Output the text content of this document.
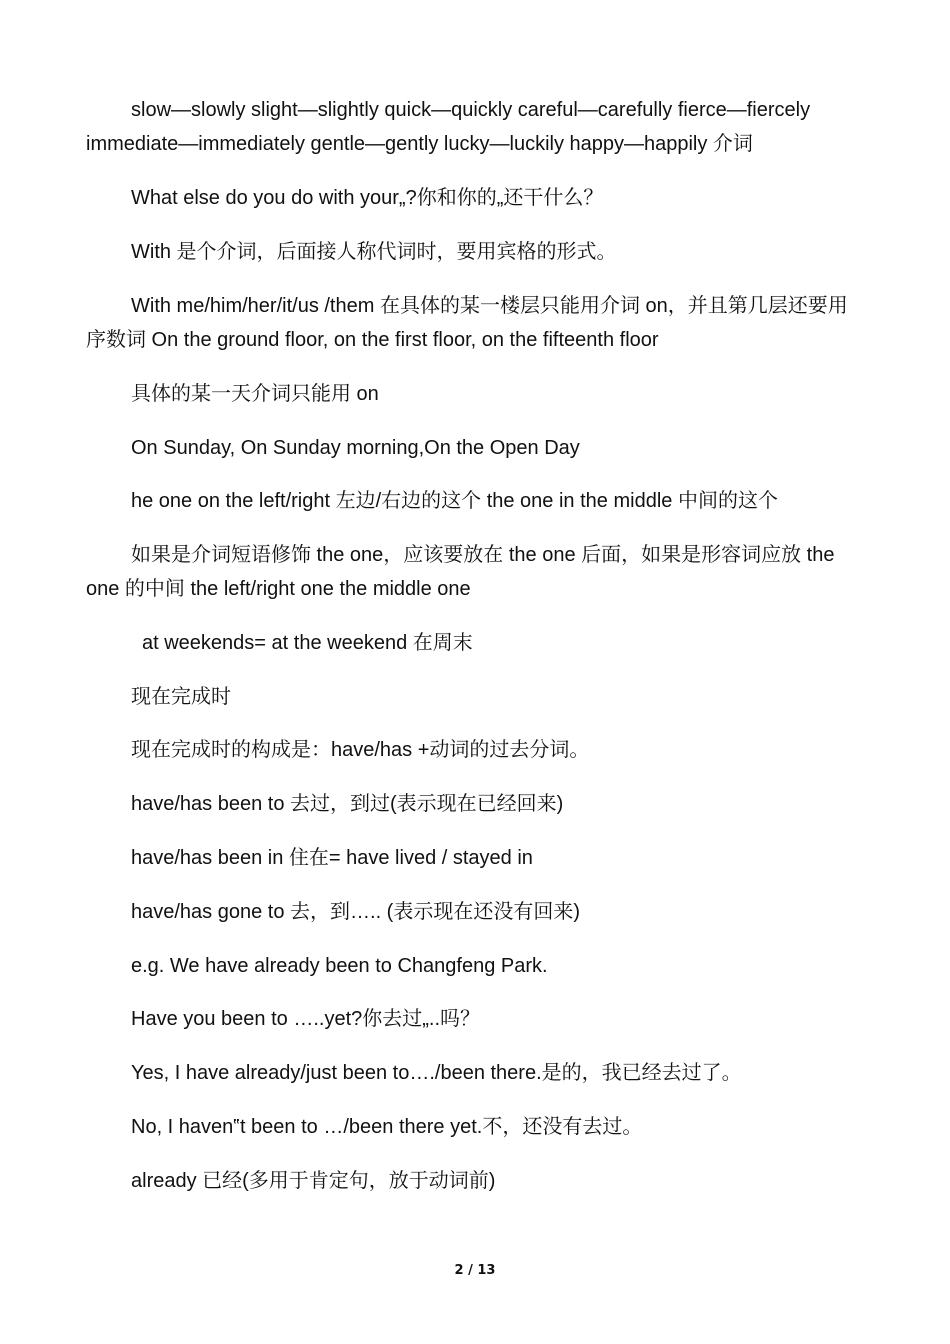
slow—slowly slight—slightly quick—quickly careful—carefully fierce—fiercely immediate—immediately gentle—gently lucky—luckily happy—happily 介词

What else do you do with your„?你和你的„还干什么？

With 是个介词，后面接人称代词时，要用宾格的形式。

With me/him/her/it/us /them 在具体的某一楼层只能用介词 on，并且第几层还要用序数词 On the ground floor, on the first floor, on the fifteenth floor

具体的某一天介词只能用 on

On Sunday, On Sunday morning,On the Open Day

he one on the left/right 左边/右边的这个 the one in the middle 中间的这个

如果是介词短语修饰 the one，应该要放在 the one 后面，如果是形容词应放 the one 的中间 the left/right one the middle one

at weekends= at the weekend 在周末

现在完成时

现在完成时的构成是：have/has +动词的过去分词。

have/has been to 去过，到过(表示现在已经回来)

have/has been in 住在= have lived / stayed in

have/has gone to 去，到….. (表示现在还没有回来)

e.g. We have already been to Changfeng Park.

Have you been to …..yet?你去过„..吗？

Yes, I have already/just been to…./been there.是的，我已经去过了。

No, I haven‟t been to …/been there yet.不，还没有去过。

already 已经(多用于肯定句，放于动词前)

2 / 13
